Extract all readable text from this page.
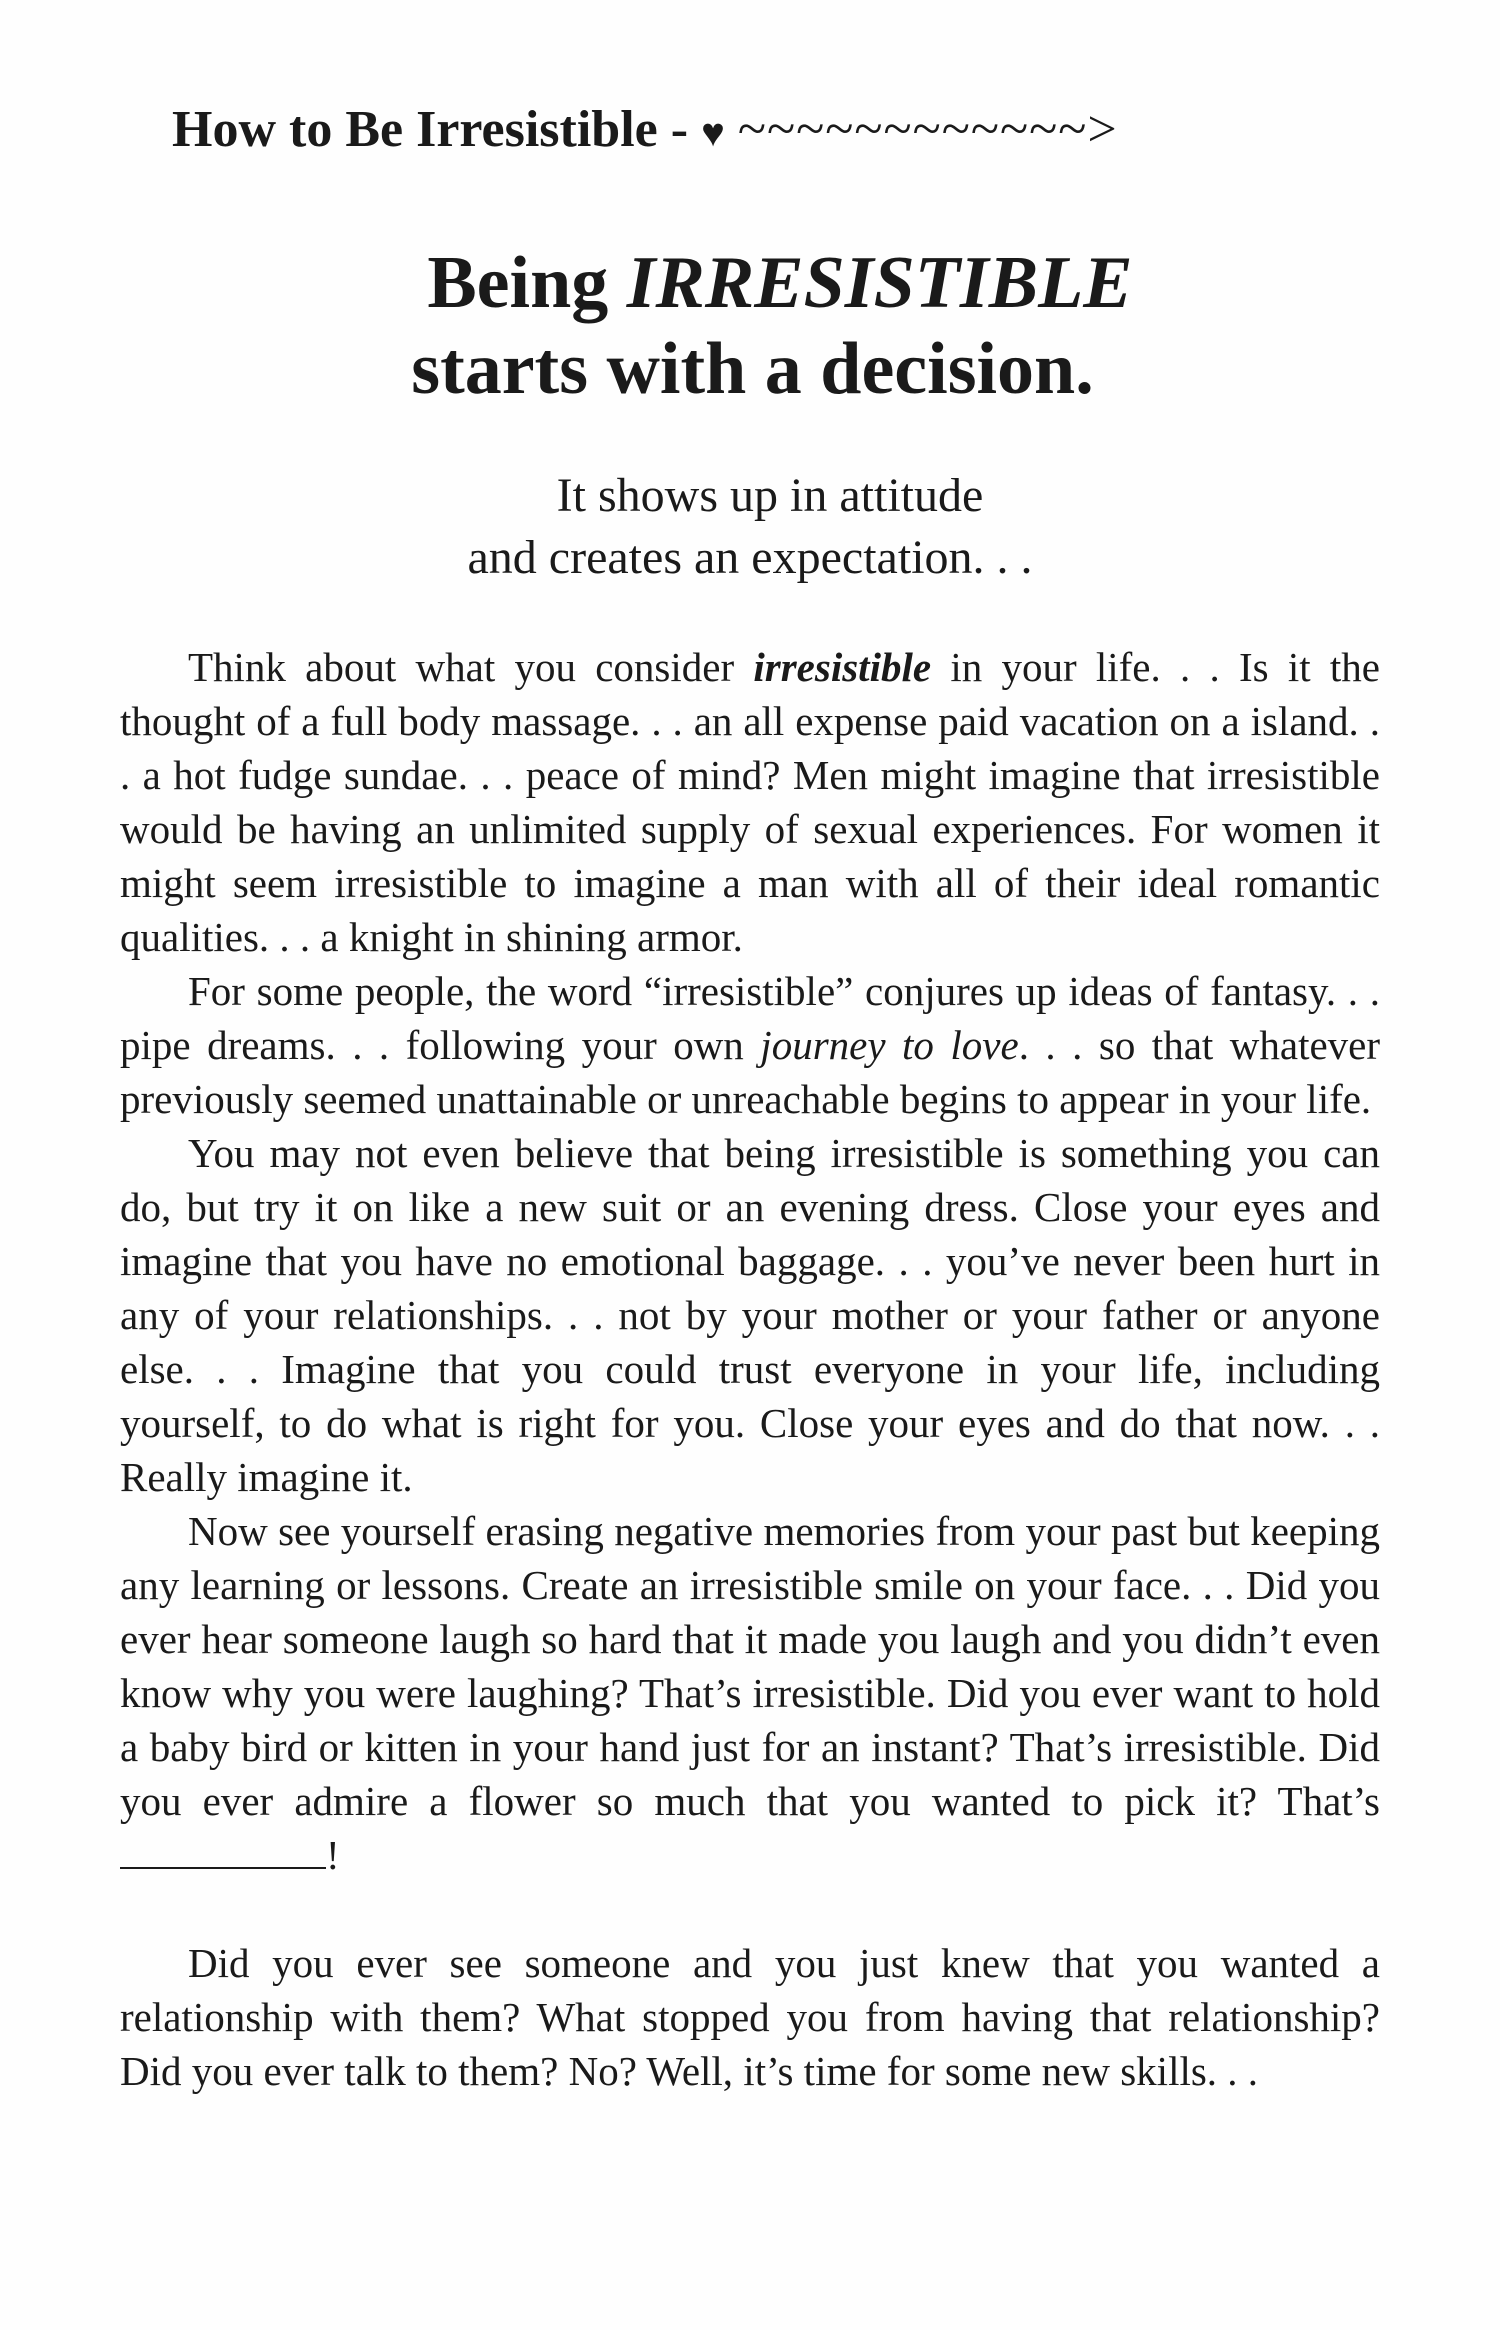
How to Be Irresistible - ♥ ~~~~~~~~~~~~>
Being IRRESISTIBLE
starts with a decision.
It shows up in attitude
and creates an expectation. . .

Think about what you consider irresistible in your life. . . Is it the thought of a full body massage. . . an all expense paid vacation on a island. . . a hot fudge sundae. . . peace of mind? Men might imagine that irresistible would be having an unlimited supply of sexual experiences. For women it might seem irresistible to imagine a man with all of their ideal romantic qualities. . . a knight in shining armor.

For some people, the word “irresistible” conjures up ideas of fantasy. . . pipe dreams. . . following your own journey to love. . . so that whatever previously seemed unattainable or unreachable begins to appear in your life.

You may not even believe that being irresistible is something you can do, but try it on like a new suit or an evening dress. Close your eyes and imagine that you have no emotional baggage. . . you’ve never been hurt in any of your relationships. . . not by your mother or your father or anyone else. . . Imagine that you could trust everyone in your life, including yourself, to do what is right for you. Close your eyes and do that now. . . Really imagine it.

Now see yourself erasing negative memories from your past but keeping any learning or lessons. Create an irresistible smile on your face. . . Did you ever hear someone laugh so hard that it made you laugh and you didn’t even know why you were laughing? That’s irresistible. Did you ever want to hold a baby bird or kitten in your hand just for an instant? That’s irresistible. Did you ever admire a flower so much that you wanted to pick it? That’s !

Did you ever see someone and you just knew that you wanted a relationship with them? What stopped you from having that relationship? Did you ever talk to them? No? Well, it’s time for some new skills. . .
